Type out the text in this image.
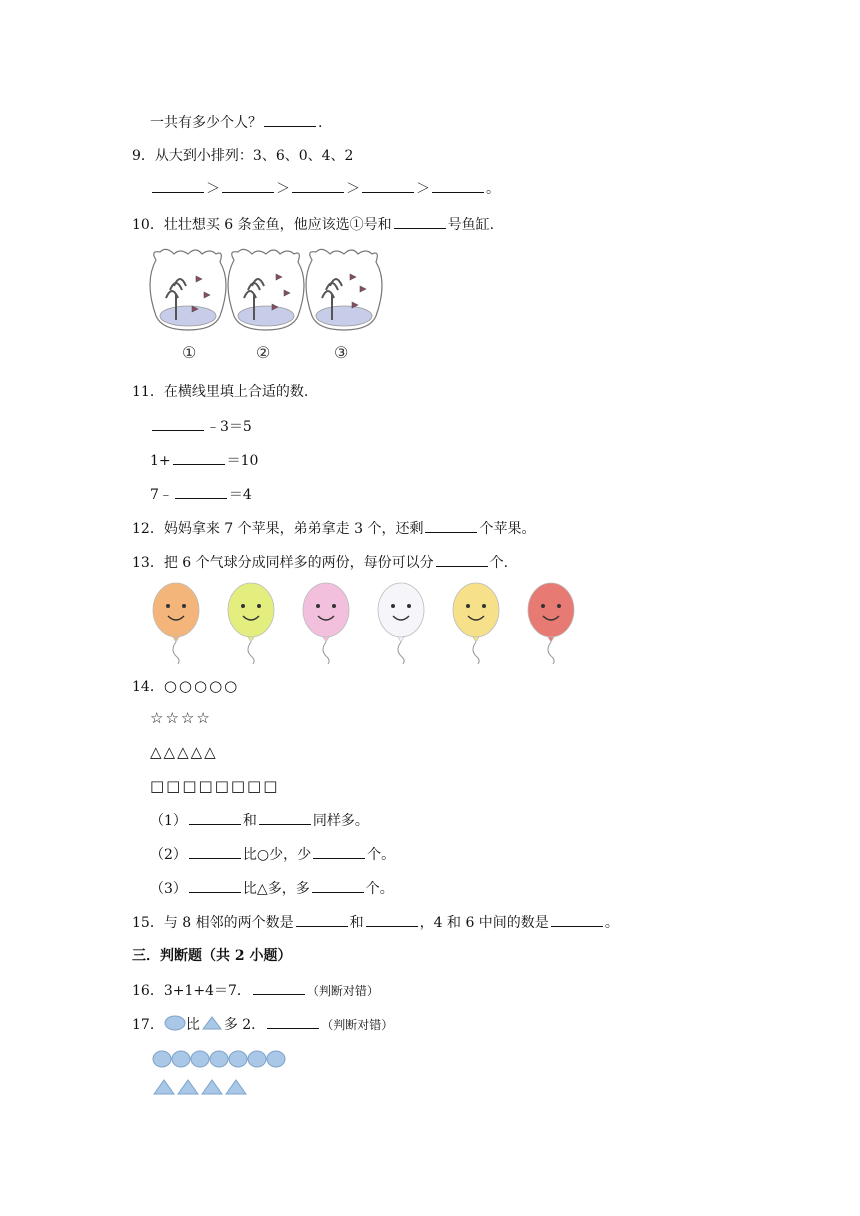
一共有多少个人？	.
9．从大到小排列：3、6、0、4、2
＞	＞	＞	＞	。
10．壮壮想买 6 条金鱼，他应该选①号和	号鱼缸.
①	②	③
11．在横线里填上合适的数.
﹣3＝5
1+	＝10
7﹣	＝4
12．妈妈拿来 7 个苹果，弟弟拿走 3 个，还剩	个苹果。
13．把 6 个气球分成同样多的两份，每份可以分	个.
14．○○○○○
☆☆☆☆
△△△△△
□□□□□□□□
（1）	和	同样多。
（2）	比○少，少	个。
（3）	比△多，多	个。
15．与 8 相邻的两个数是	和	，4 和 6 中间的数是	。
三．判断题（共 2 小题）
16．3+1+4＝7．	（判断对错）
17． 比 多 2．	（判断对错）
